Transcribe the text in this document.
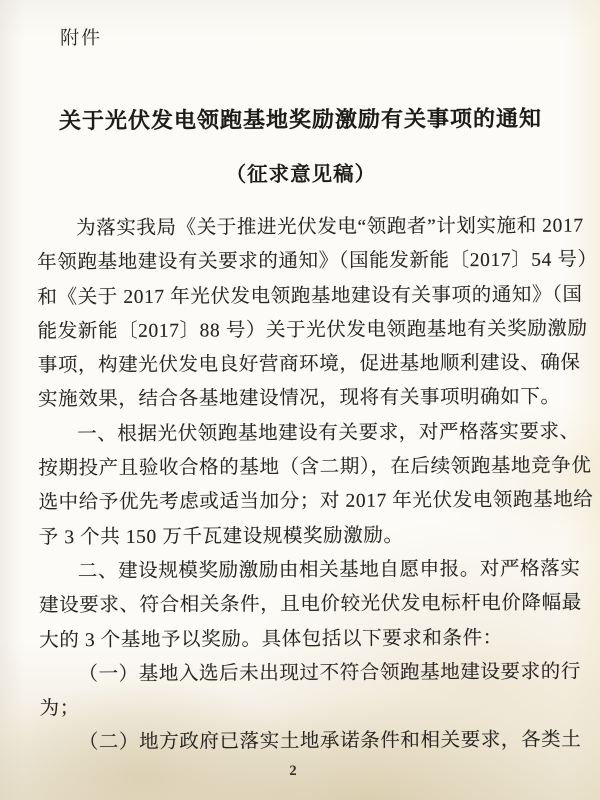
附件
关于光伏发电领跑基地奖励激励有关事项的通知
（征求意见稿）

为落实我局《关于推进光伏发电“领跑者”计划实施和 2017

年领跑基地建设有关要求的通知》（国能发新能〔2017〕54 号）

和《关于 2017 年光伏发电领跑基地建设有关事项的通知》（国

能发新能〔2017〕88 号）关于光伏发电领跑基地有关奖励激励

事项，构建光伏发电良好营商环境，促进基地顺利建设、确保

实施效果，结合各基地建设情况，现将有关事项明确如下。

一、根据光伏领跑基地建设有关要求，对严格落实要求、

按期投产且验收合格的基地（含二期），在后续领跑基地竞争优

选中给予优先考虑或适当加分；对 2017 年光伏发电领跑基地给

予 3 个共 150 万千瓦建设规模奖励激励。

二、建设规模奖励激励由相关基地自愿申报。对严格落实

建设要求、符合相关条件，且电价较光伏发电标杆电价降幅最

大的 3 个基地予以奖励。具体包括以下要求和条件：

（一）基地入选后未出现过不符合领跑基地建设要求的行

为；

（二）地方政府已落实土地承诺条件和相关要求，各类土

2
